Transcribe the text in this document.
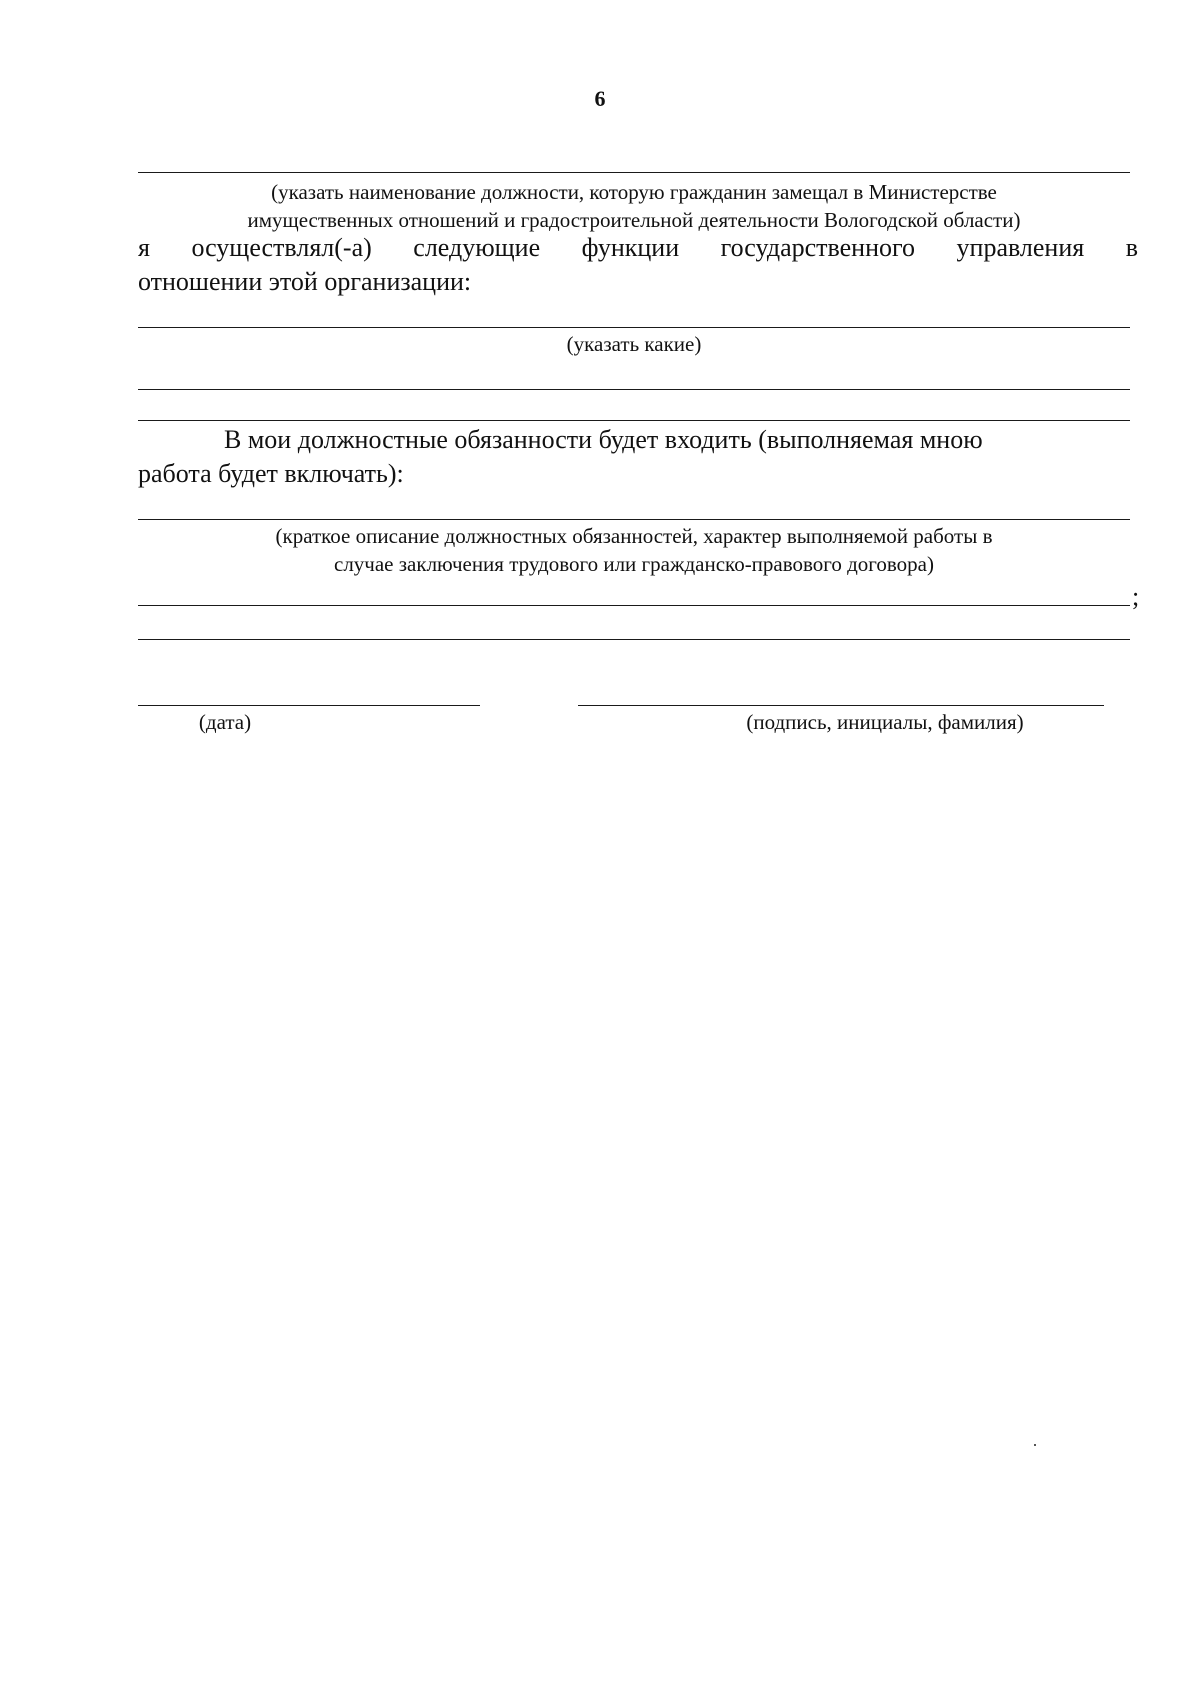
6
(указать наименование должности, которую гражданин замещал в Министерстве
имущественных отношений и градостроительной деятельности Вологодской области)
я осуществлял(-а) следующие функции государственного управления в
отношении этой организации:
(указать какие)
В мои должностные обязанности будет входить (выполняемая мною
работа будет включать):
(краткое описание должностных обязанностей, характер выполняемой работы в
случае заключения трудового или гражданско-правового договора)
;
(дата)	(подпись, инициалы, фамилия)
